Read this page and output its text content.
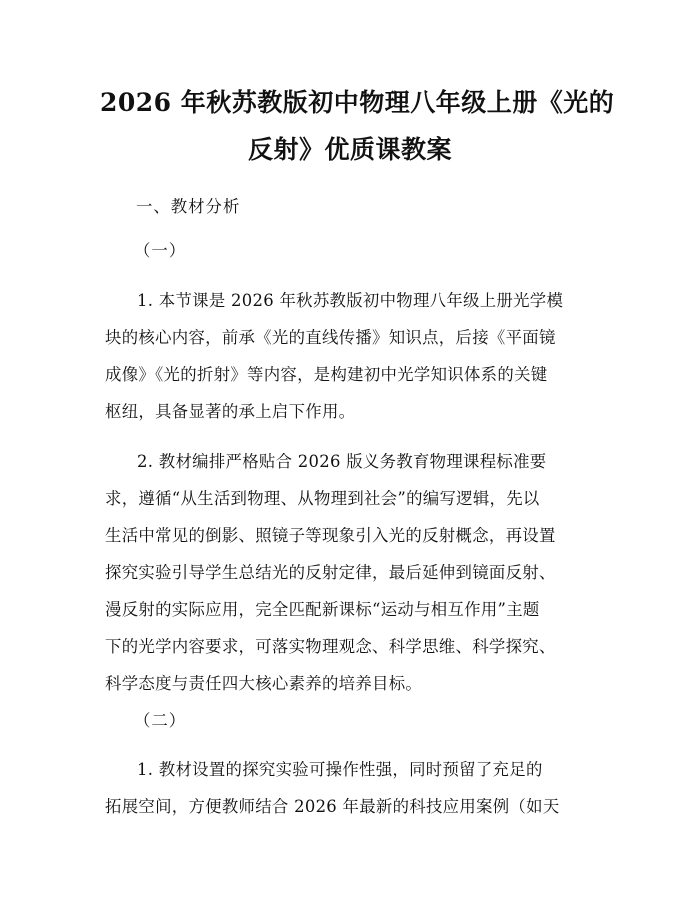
2026 年秋苏教版初中物理八年级上册《光的
反射》优质课教案
一、教材分析
（一）
1. 本节课是 2026 年秋苏教版初中物理八年级上册光学模
块的核心内容，前承《光的直线传播》知识点，后接《平面镜
成像》《光的折射》等内容，是构建初中光学知识体系的关键
枢纽，具备显著的承上启下作用。
2. 教材编排严格贴合 2026 版义务教育物理课程标准要
求，遵循“从生活到物理、从物理到社会”的编写逻辑，先以
生活中常见的倒影、照镜子等现象引入光的反射概念，再设置
探究实验引导学生总结光的反射定律，最后延伸到镜面反射、
漫反射的实际应用，完全匹配新课标“运动与相互作用”主题
下的光学内容要求，可落实物理观念、科学思维、科学探究、
科学态度与责任四大核心素养的培养目标。
（二）
1. 教材设置的探究实验可操作性强，同时预留了充足的
拓展空间，方便教师结合 2026 年最新的科技应用案例（如天
